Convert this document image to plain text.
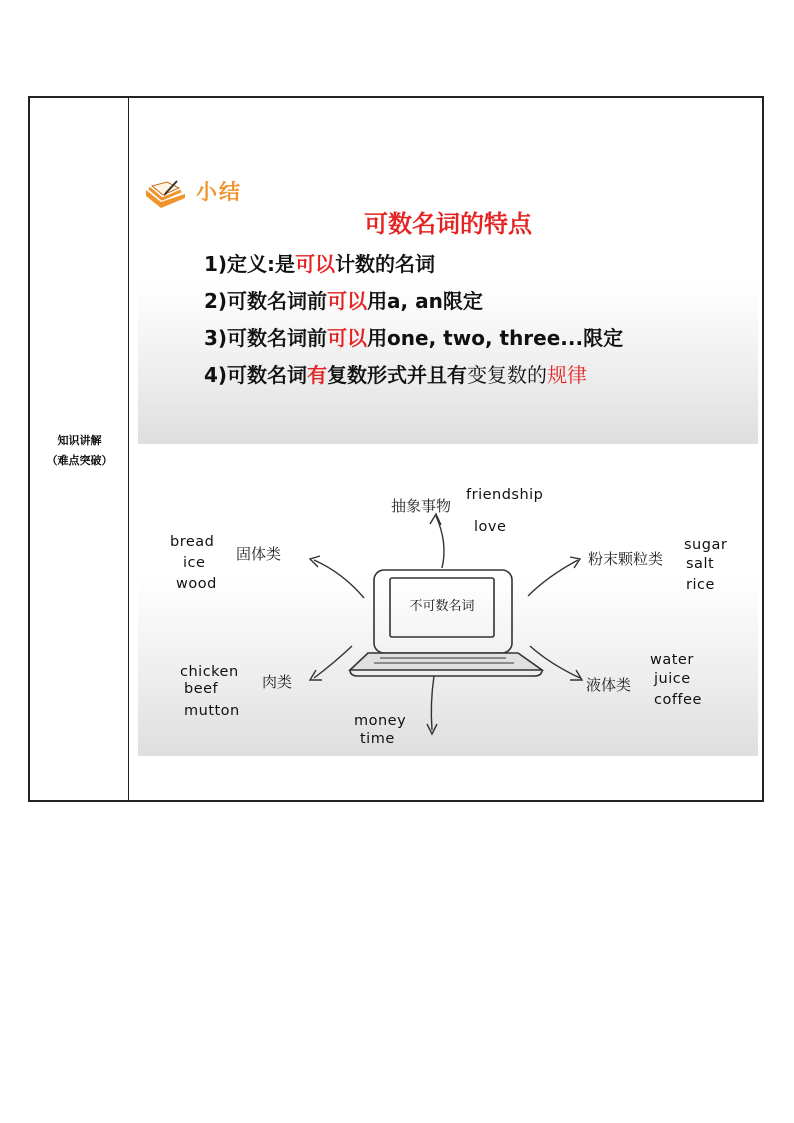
知识讲解
（难点突破）
小结
可数名词的特点
1)定义:是可以计数的名词
2)可数名词前可以用a, an限定
3)可数名词前可以用one, two, three...限定
4)可数名词有复数形式并且有变复数的规律
不可数名词
抽象事物
固体类	粉末颗粒类
肉类	液体类
friendship
love
bread
ice
wood
sugar
salt
rice
chicken
beef
mutton
water
juice
coffee
money
time
